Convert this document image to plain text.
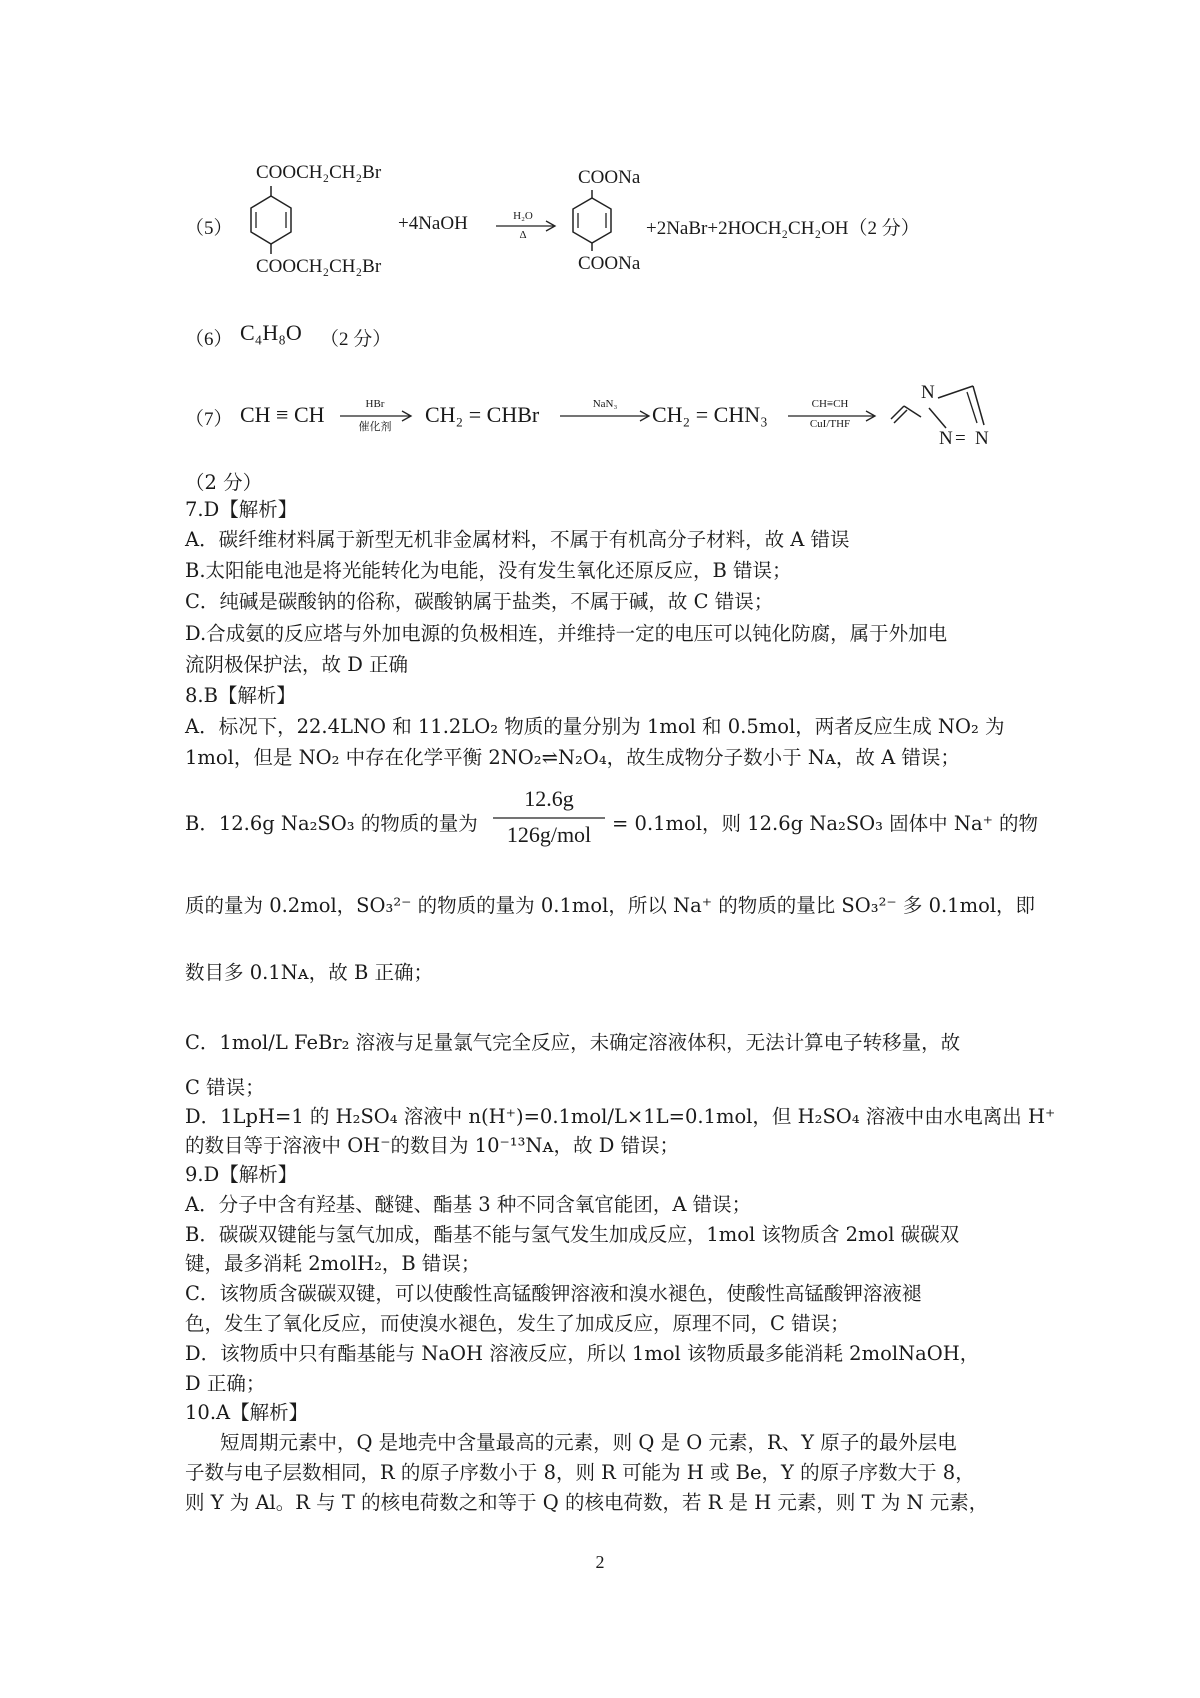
（5）
COOCH₂CH₂Br
COOCH₂CH₂Br
+4NaOH	H₂O
Δ
COONa
COONa
+2NaBr+2HOCH₂CH₂OH（2 分）
（6） C₄H₈O （2 分）
（7） CH ≡ CH	HBr
催化剂	CH₂ = CHBr	NaN₃	CH₂ = CHN₃	CH≡CH
CuI/THF
N
N = N
（2 分）
7.D【解析】
A．碳纤维材料属于新型无机非金属材料，不属于有机高分子材料，故 A 错误
B.太阳能电池是将光能转化为电能，没有发生氧化还原反应，B 错误；
C．纯碱是碳酸钠的俗称，碳酸钠属于盐类，不属于碱，故 C 错误；
D.合成氨的反应塔与外加电源的负极相连，并维持一定的电压可以钝化防腐，属于外加电
流阴极保护法，故 D 正确
8.B【解析】
A．标况下，22.4LNO 和 11.2LO₂ 物质的量分别为 1mol 和 0.5mol，两者反应生成 NO₂ 为
1mol，但是 NO₂ 中存在化学平衡 2NO₂⇌N₂O₄，故生成物分子数小于 Nᴀ，故 A 错误；
B．12.6g Na₂SO₃ 的物质的量为
12.6g
126g/mol	= 0.1mol，则 12.6g Na₂SO₃ 固体中 Na⁺ 的物
质的量为 0.2mol，SO₃²⁻ 的物质的量为 0.1mol，所以 Na⁺ 的物质的量比 SO₃²⁻ 多 0.1mol，即
数目多 0.1Nᴀ，故 B 正确；
C．1mol/L FeBr₂ 溶液与足量氯气完全反应，未确定溶液体积，无法计算电子转移量，故
C 错误；
D．1LpH=1 的 H₂SO₄ 溶液中 n(H⁺)=0.1mol/L×1L=0.1mol，但 H₂SO₄ 溶液中由水电离出 H⁺
的数目等于溶液中 OH⁻的数目为 10⁻¹³Nᴀ，故 D 错误；
9.D【解析】
A．分子中含有羟基、醚键、酯基 3 种不同含氧官能团，A 错误；
B．碳碳双键能与氢气加成，酯基不能与氢气发生加成反应，1mol 该物质含 2mol 碳碳双
键，最多消耗 2molH₂，B 错误；
C．该物质含碳碳双键，可以使酸性高锰酸钾溶液和溴水褪色，使酸性高锰酸钾溶液褪
色，发生了氧化反应，而使溴水褪色，发生了加成反应，原理不同，C 错误；
D．该物质中只有酯基能与 NaOH 溶液反应，所以 1mol 该物质最多能消耗 2molNaOH，
D 正确；
10.A【解析】
短周期元素中，Q 是地壳中含量最高的元素，则 Q 是 O 元素，R、Y 原子的最外层电
子数与电子层数相同，R 的原子序数小于 8，则 R 可能为 H 或 Be，Y 的原子序数大于 8，
则 Y 为 Al。R 与 T 的核电荷数之和等于 Q 的核电荷数，若 R 是 H 元素，则 T 为 N 元素，
2
